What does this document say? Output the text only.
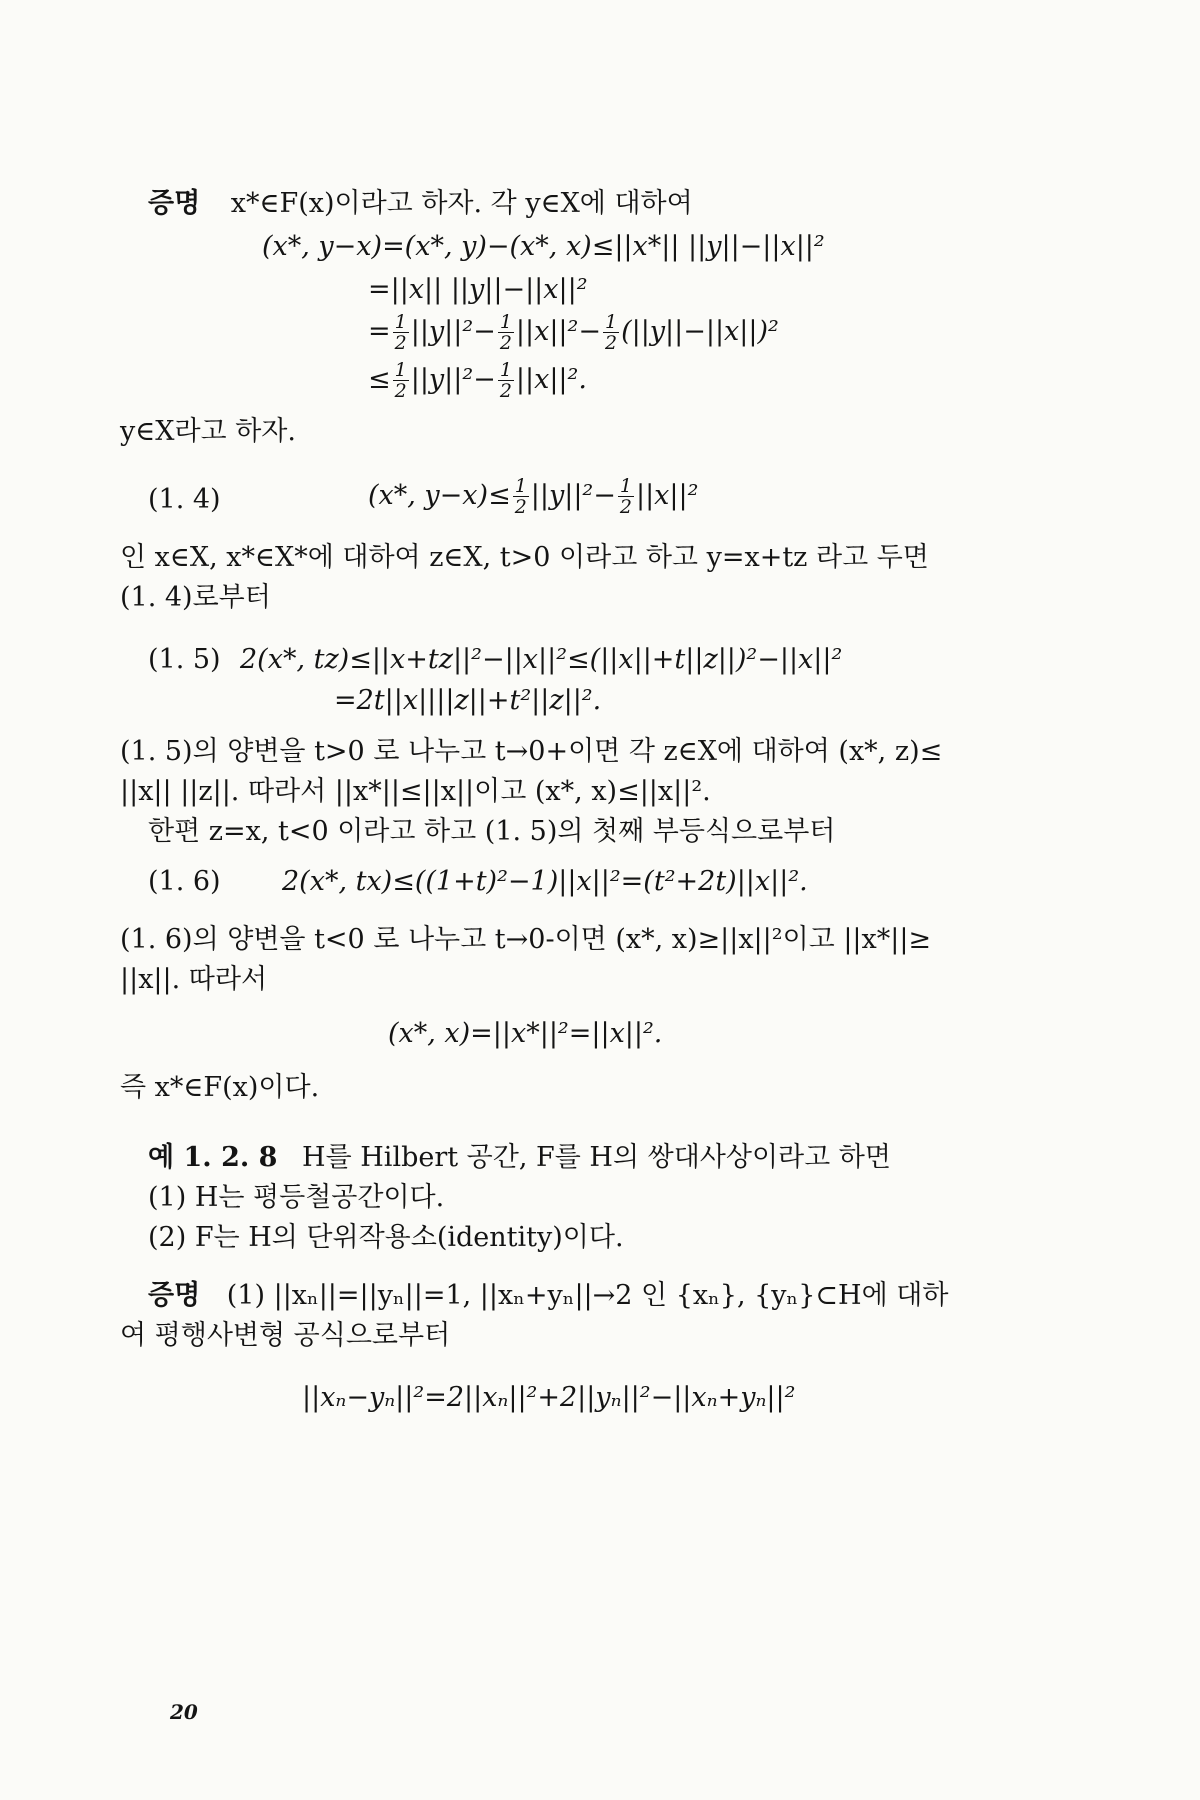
증명 x*∈F(x)이라고 하자. 각 y∈X에 대하여
(x*, y−x)=(x*, y)−(x*, x)≤||x*|| ||y||−||x||²
=||x|| ||y||−||x||²
= $\frac{1}{2} ||y||^2- \frac{1}{2} ||x||^2- \frac{1}{2} (||y||-||x||)^2$
≤ $\frac{1}{2} ||y||^2- \frac{1}{2} ||x||^2$.
y∈X라고 하자.
(1. 4)	(x*, $y-x)\le \frac{1}{2} ||y||^2- \frac{1}{2} ||x||^2$
인 x∈X, x*∈X*에 대하여 z∈X, t>0 이라고 하고 y=x+tz 라고 두면
(1. 4)로부터
(1. 5) 2(x*, tz)≤||x+tz||²−||x||²≤(||x||+t||z||)²−||x||²
=2t||x||||z||+t²||z||².
(1. 5)의 양변을 t>0 로 나누고 t→0+이면 각 z∈X에 대하여 (x*, z)≤
||x|| ||z||. 따라서 ||x*||≤||x||이고 (x*, x)≤||x||².
한편 z=x, t<0 이라고 하고 (1. 5)의 첫째 부등식으로부터
(1. 6) 2(x*, tx)≤((1+t)²−1)||x||²=(t²+2t)||x||².
(1. 6)의 양변을 t<0 로 나누고 t→0-이면 (x*, x)≥||x||²이고 ||x*||≥
||x||. 따라서
(x*, x)=||x*||²=||x||².
즉 x*∈F(x)이다.
예 1. 2. 8 H를 Hilbert 공간, F를 H의 쌍대사상이라고 하면
(1) H는 평등철공간이다.
(2) F는 H의 단위작용소(identity)이다.
증명 (1) ||xₙ||=||yₙ||=1, ||xₙ+yₙ||→2 인 {xₙ}, {yₙ}⊂H에 대하
여 평행사변형 공식으로부터
||xₙ−yₙ||²=2||xₙ||²+2||yₙ||²−||xₙ+yₙ||²
20
